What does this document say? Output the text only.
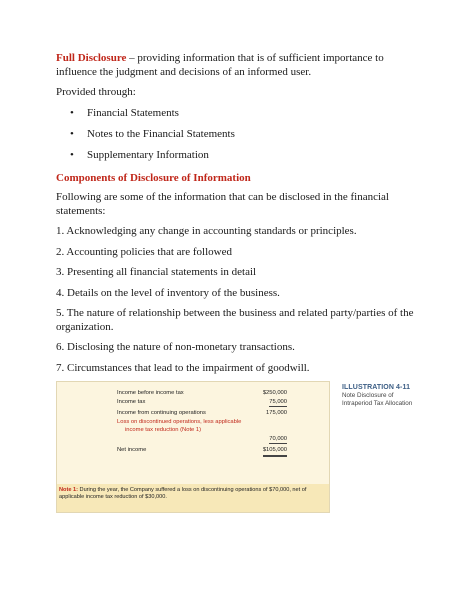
Full Disclosure – providing information that is of sufficient importance to influence the judgment and decisions of an informed user.

Provided through:

• Financial Statements
• Notes to the Financial Statements
• Supplementary Information

Components of Disclosure of Information

Following are some of the information that can be disclosed in the financial statements:

1. Acknowledging any change in accounting standards or principles.

2. Accounting policies that are followed

3. Presenting all financial statements in detail

4. Details on the level of inventory of the business.

5. The nature of relationship between the business and related party/parties of the organization.

6. Disclosing the nature of non-monetary transactions.

7. Circumstances that lead to the impairment of goodwill.

Income before income tax	$250,000
Income tax	75,000
Income from continuing operations	175,000
Loss on discontinued operations, less applicable
income tax reduction (Note 1)
70,000
Net income	$105,000

Note 1: During the year, the Company suffered a loss on discontinuing operations of $70,000, net of applicable income tax reduction of $30,000.

ILLUSTRATION 4-11
Note Disclosure of
Intraperiod Tax Allocation
